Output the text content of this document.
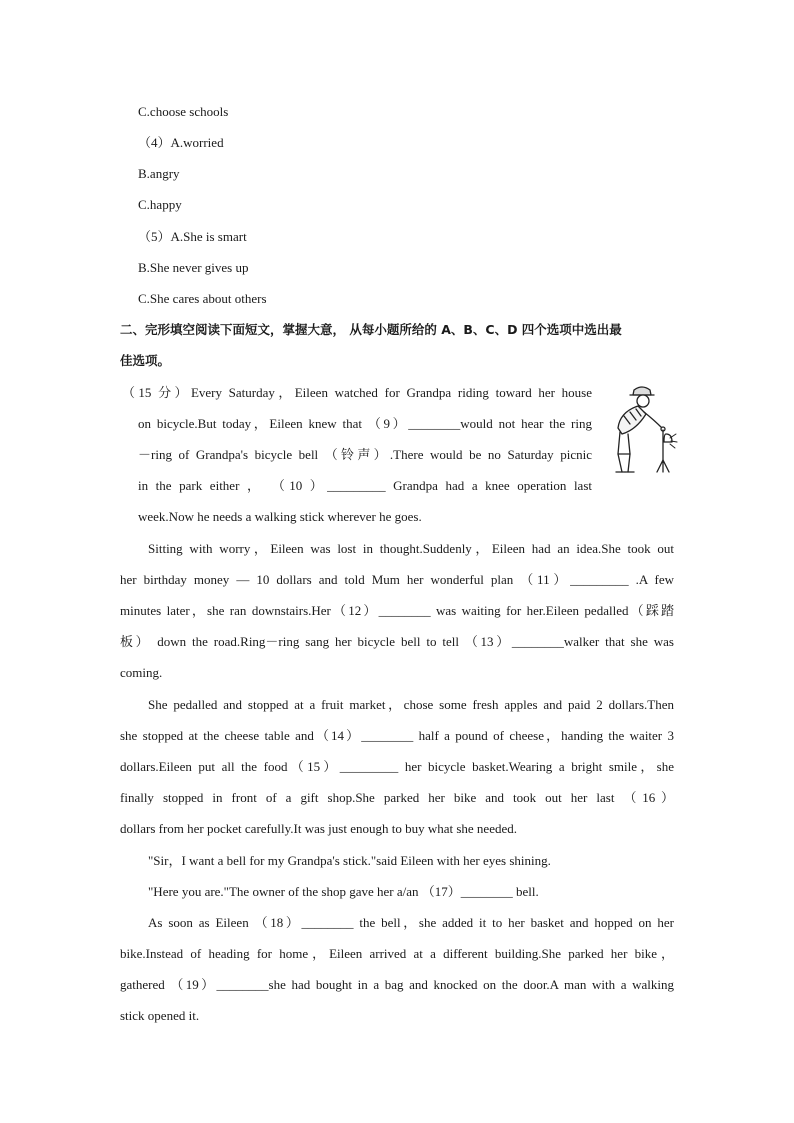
C.choose schools
（4）A.worried
B.angry
C.happy
（5）A.She is smart
B.She never gives up
C.She cares about others
二、完形填空阅读下面短文，掌握大意， 从每小题所给的 A、B、C、D 四个选项中选出最
佳选项。
（15 分）Every Saturday，Eileen watched for Grandpa riding toward her house
on bicycle.But today，Eileen knew that （9）________would not hear the ring
－ring of Grandpa's bicycle bell （铃声）.There would be no Saturday picnic
in the park either ， （10 ）_________ Grandpa had a knee operation last
week.Now he needs a walking stick wherever he goes.
Sitting with worry，Eileen was lost in thought.Suddenly，Eileen had an idea.She took out
her birthday money — 10 dollars and told Mum her wonderful plan （11）_________ .A few
minutes later，she ran downstairs.Her（12）________ was waiting for her.Eileen pedalled（踩踏
板） down the road.Ring－ring sang her bicycle bell to tell （13）________walker that she was
coming.
She pedalled and stopped at a fruit market，chose some fresh apples and paid 2 dollars.Then
she stopped at the cheese table and（14）________ half a pound of cheese，handing the waiter 3
dollars.Eileen put all the food（15）_________ her bicycle basket.Wearing a bright smile，she
finally stopped in front of a gift shop.She parked her bike and took out her last （16）
dollars from her pocket carefully.It was just enough to buy what she needed.
"Sir，I want a bell for my Grandpa's stick."said Eileen with her eyes shining.
"Here you are."The owner of the shop gave her a/an （17）________ bell.
As soon as Eileen （18）________ the bell，she added it to her basket and hopped on her
bike.Instead of heading for home，Eileen arrived at a different building.She parked her bike，
gathered （19）________she had bought in a bag and knocked on the door.A man with a walking
stick opened it.
